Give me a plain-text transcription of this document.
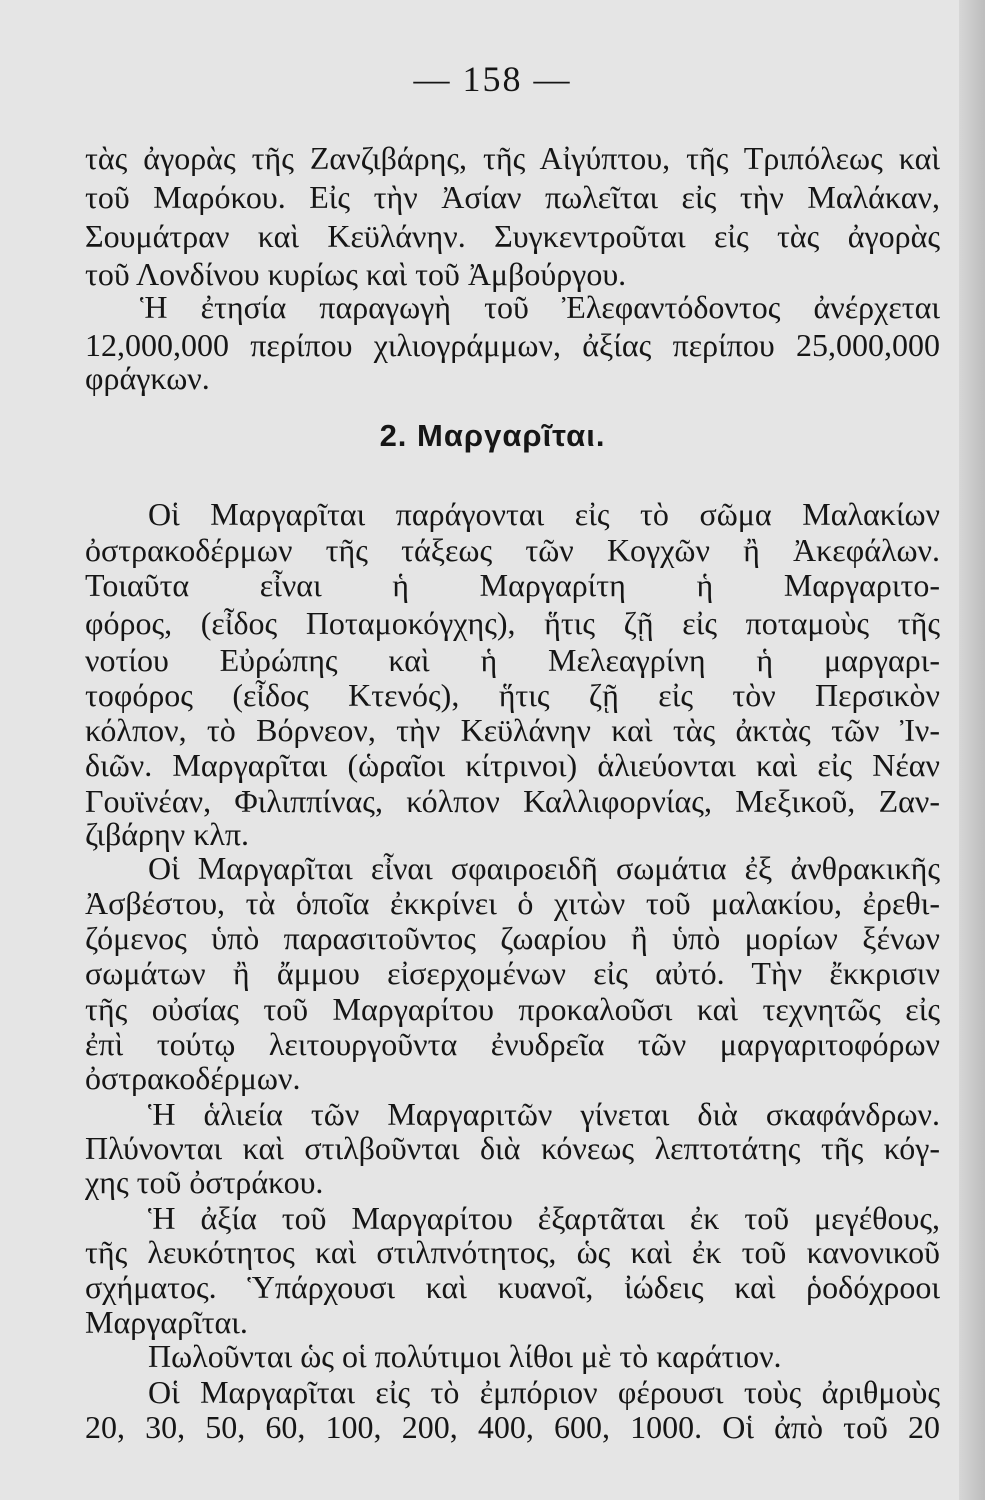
— 158 —
τὰς ἀγορὰς τῆς Ζανζιβάρης, τῆς Αἰγύπτου, τῆς Τριπόλεως καὶ
τοῦ Μαρόκου. Εἰς τὴν Ἀσίαν πωλεῖται εἰς τὴν Μαλάκαν,
Σουμάτραν καὶ Κεϋλάνην. Συγκεντροῦται εἰς τὰς ἀγορὰς
τοῦ Λονδίνου κυρίως καὶ τοῦ Ἀμβούργου.
Ἡ ἐτησία παραγωγὴ τοῦ Ἐλεφαντόδοντος ἀνέρχεται
12,000,000 περίπου χιλιογράμμων, ἀξίας περίπου 25,000,000
φράγκων.
2. Μαργαρῖται.
Οἱ Μαργαρῖται παράγονται εἰς τὸ σῶμα Μαλακίων
ὀστρακοδέρμων τῆς τάξεως τῶν Κογχῶν ἢ Ἀκεφάλων.
Τοιαῦτα εἶναι ἡ Μαργαρίτη ἡ Μαργαριτο-
φόρος, (εἶδος Ποταμοκόγχης), ἥτις ζῇ εἰς ποταμοὺς τῆς
νοτίου Εὐρώπης καὶ ἡ Μελεαγρίνη ἡ μαργαρι-
τοφόρος (εἶδος Κτενός), ἥτις ζῇ εἰς τὸν Περσικὸν
κόλπον, τὸ Βόρνεον, τὴν Κεϋλάνην καὶ τὰς ἀκτὰς τῶν Ἰν-
διῶν. Μαργαρῖται (ὡραῖοι κίτρινοι) ἁλιεύονται καὶ εἰς Νέαν
Γουϊνέαν, Φιλιππίνας, κόλπον Καλλιφορνίας, Μεξικοῦ, Ζαν-
ζιβάρην κλπ.
Οἱ Μαργαρῖται εἶναι σφαιροειδῆ σωμάτια ἐξ ἀνθρακικῆς
Ἀσβέστου, τὰ ὁποῖα ἐκκρίνει ὁ χιτὼν τοῦ μαλακίου, ἐρεθι-
ζόμενος ὑπὸ παρασιτοῦντος ζωαρίου ἢ ὑπὸ μορίων ξένων
σωμάτων ἢ ἄμμου εἰσερχομένων εἰς αὐτό. Τὴν ἔκκρισιν
τῆς οὐσίας τοῦ Μαργαρίτου προκαλοῦσι καὶ τεχνητῶς εἰς
ἐπὶ τούτῳ λειτουργοῦντα ἐνυδρεῖα τῶν μαργαριτοφόρων
ὀστρακοδέρμων.
Ἡ ἁλιεία τῶν Μαργαριτῶν γίνεται διὰ σκαφάνδρων.
Πλύνονται καὶ στιλβοῦνται διὰ κόνεως λεπτοτάτης τῆς κόγ-
χης τοῦ ὀστράκου.
Ἡ ἀξία τοῦ Μαργαρίτου ἐξαρτᾶται ἐκ τοῦ μεγέθους,
τῆς λευκότητος καὶ στιλπνότητος, ὡς καὶ ἐκ τοῦ κανονικοῦ
σχήματος. Ὑπάρχουσι καὶ κυανοῖ, ἰώδεις καὶ ῥοδόχροοι
Μαργαρῖται.
Πωλοῦνται ὡς οἱ πολύτιμοι λίθοι μὲ τὸ καράτιον.
Οἱ Μαργαρῖται εἰς τὸ ἐμπόριον φέρουσι τοὺς ἀριθμοὺς
20, 30, 50, 60, 100, 200, 400, 600, 1000. Οἱ ἀπὸ τοῦ 20
